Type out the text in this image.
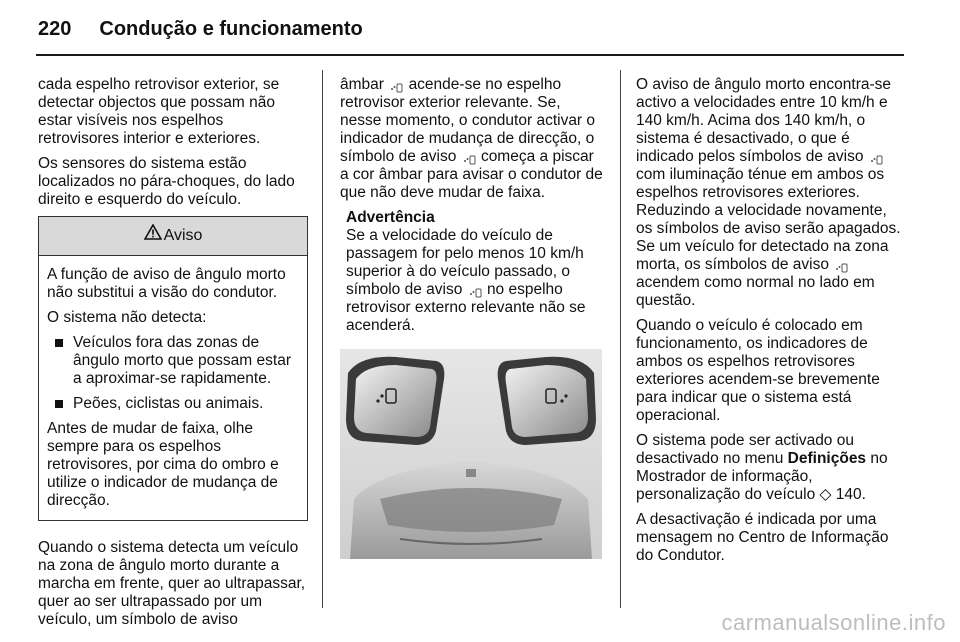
220 Condução e funcionamento

cada espelho retrovisor exterior, se detectar objectos que possam não estar visíveis nos espelhos retrovisores interior e exteriores.

Os sensores do sistema estão localizados no pára-choques, do lado direito e esquerdo do veículo.

Aviso

A função de aviso de ângulo morto não substitui a visão do condutor.

O sistema não detecta:

Veículos fora das zonas de ângulo morto que possam estar a aproximar-se rapidamente.
Peões, ciclistas ou animais.

Antes de mudar de faixa, olhe sempre para os espelhos retrovisores, por cima do ombro e utilize o indicador de mudança de direcção.

Quando o sistema detecta um veículo na zona de ângulo morto durante a marcha em frente, quer ao ultrapassar, quer ao ser ultrapassado por um veículo, um símbolo de aviso

âmbar acende-se no espelho retrovisor exterior relevante. Se, nesse momento, o condutor activar o indicador de mudança de direcção, o símbolo de aviso começa a piscar a cor âmbar para avisar o condutor de que não deve mudar de faixa.

Advertência
Se a velocidade do veículo de passagem for pelo menos 10 km/h superior à do veículo passado, o símbolo de aviso no espelho retrovisor externo relevante não se acenderá.

O aviso de ângulo morto encontra-se activo a velocidades entre 10 km/h e 140 km/h. Acima dos 140 km/h, o sistema é desactivado, o que é indicado pelos símbolos de aviso  com iluminação ténue em ambos os espelhos retrovisores exteriores. Reduzindo a velocidade novamente, os símbolos de aviso serão apagados. Se um veículo for detectado na zona morta, os símbolos de aviso  acendem como normal no lado em questão.

Quando o veículo é colocado em funcionamento, os indicadores de ambos os espelhos retrovisores exteriores acendem-se brevemente para indicar que o sistema está operacional.

O sistema pode ser activado ou desactivado no menu Definições no Mostrador de informação, personalização do veículo ◇ 140.

A desactivação é indicada por uma mensagem no Centro de Informação do Condutor.

carmanualsonline.info
